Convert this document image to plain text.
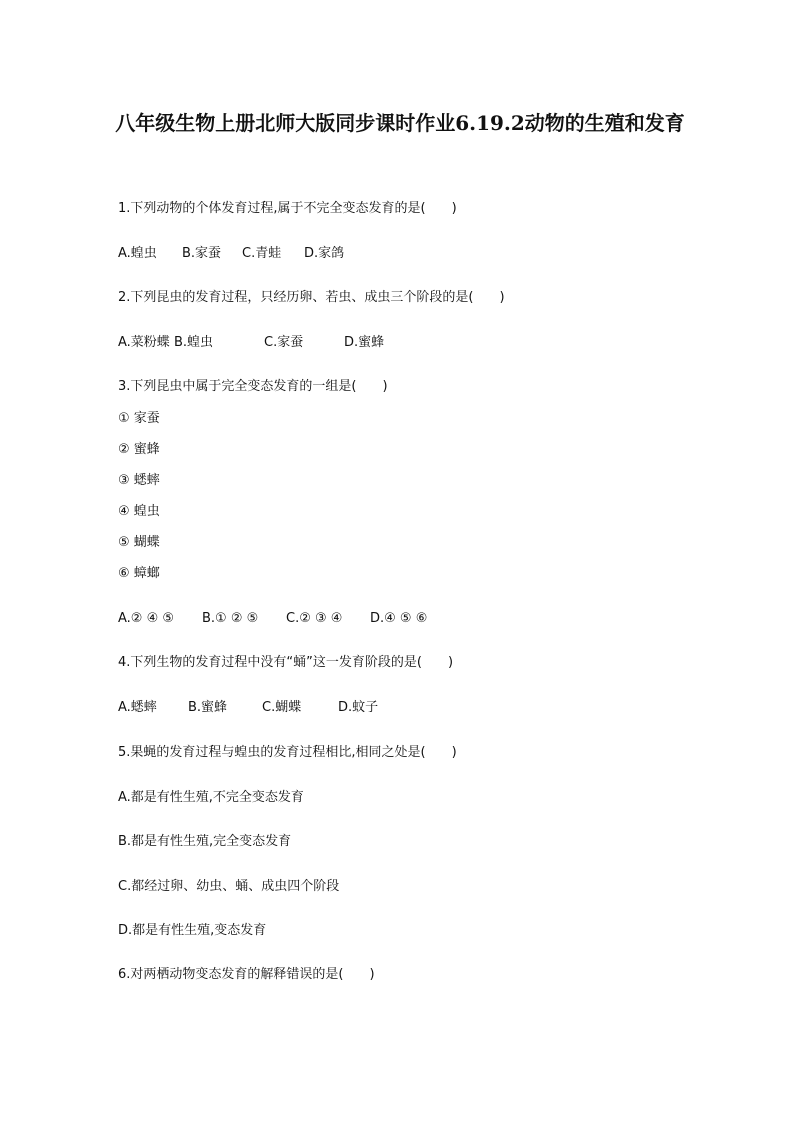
八年级生物上册北师大版同步课时作业6.19.2动物的生殖和发育
1.下列动物的个体发育过程,属于不完全变态发育的是(　　)
A.蝗虫 B.家蚕 C.青蛙 D.家鸽
2.下列昆虫的发育过程，只经历卵、若虫、成虫三个阶段的是(　　)
A.菜粉蝶 B.蝗虫	C.家蚕	D.蜜蜂
3.下列昆虫中属于完全变态发育的一组是(　　)
① 家蚕
② 蜜蜂
③ 蟋蟀
④ 蝗虫
⑤ 蝴蝶
⑥ 蟑螂
A.② ④ ⑤ B.① ② ⑤ C.② ③ ④ D.④ ⑤ ⑥
4.下列生物的发育过程中没有“蛹”这一发育阶段的是(　　)
A.蟋蟀 B.蜜蜂	C.蝴蝶	D.蚊子
5.果蝇的发育过程与蝗虫的发育过程相比,相同之处是(　　)
A.都是有性生殖,不完全变态发育
B.都是有性生殖,完全变态发育
C.都经过卵、幼虫、蛹、成虫四个阶段
D.都是有性生殖,变态发育
6.对两栖动物变态发育的解释错误的是(　　)
